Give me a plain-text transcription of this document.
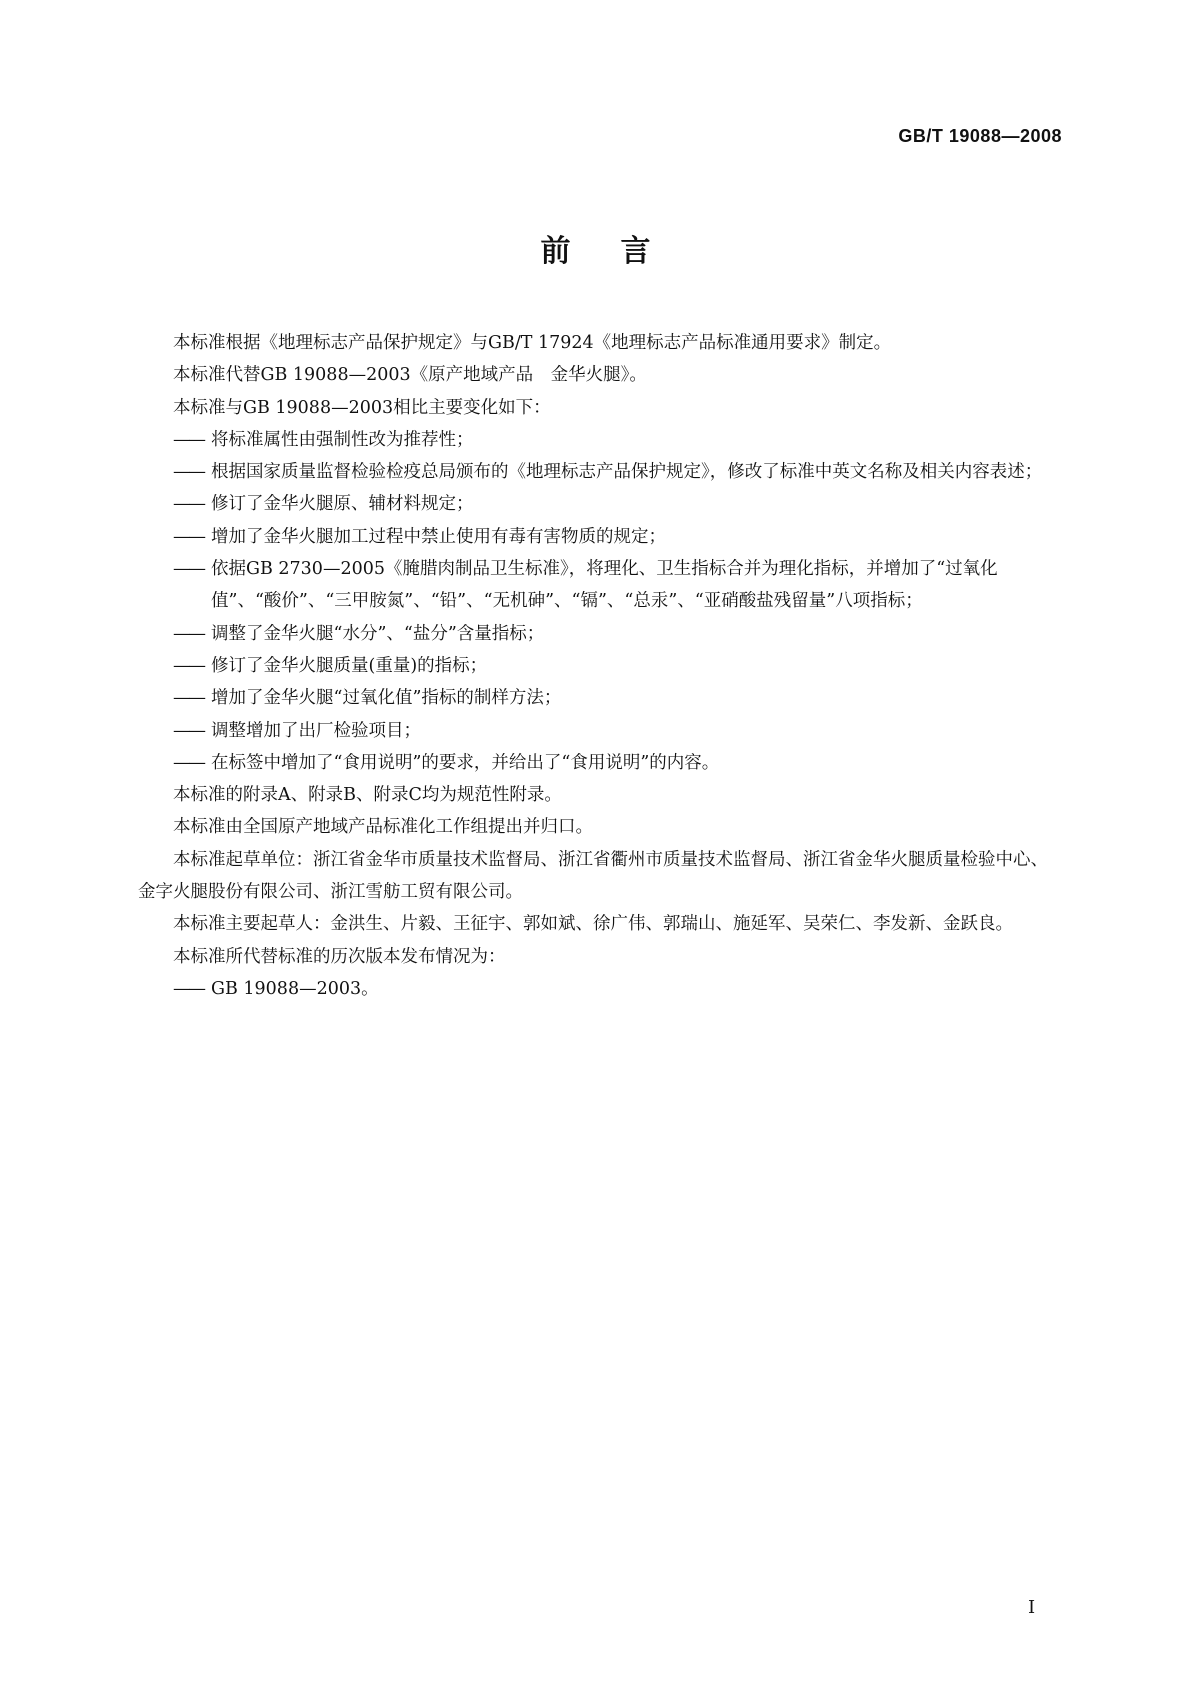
GB/T 19088—2008
前言

本标准根据《地理标志产品保护规定》与GB/T 17924《地理标志产品标准通用要求》制定。

本标准代替GB 19088—2003《原产地域产品　金华火腿》。

本标准与GB 19088—2003相比主要变化如下：

—— 将标准属性由强制性改为推荐性；

—— 根据国家质量监督检验检疫总局颁布的《地理标志产品保护规定》，修改了标准中英文名称及相关内容表述；

—— 修订了金华火腿原、辅材料规定；

—— 增加了金华火腿加工过程中禁止使用有毒有害物质的规定；

—— 依据GB 2730—2005《腌腊肉制品卫生标准》，将理化、卫生指标合并为理化指标，并增加了“过氧化值”、“酸价”、“三甲胺氮”、“铅”、“无机砷”、“镉”、“总汞”、“亚硝酸盐残留量”八项指标；

—— 调整了金华火腿“水分”、“盐分”含量指标；

—— 修订了金华火腿质量(重量)的指标；

—— 增加了金华火腿“过氧化值”指标的制样方法；

—— 调整增加了出厂检验项目；

—— 在标签中增加了“食用说明”的要求，并给出了“食用说明”的内容。

本标准的附录A、附录B、附录C均为规范性附录。

本标准由全国原产地域产品标准化工作组提出并归口。

本标准起草单位：浙江省金华市质量技术监督局、浙江省衢州市质量技术监督局、浙江省金华火腿质量检验中心、金字火腿股份有限公司、浙江雪舫工贸有限公司。

本标准主要起草人：金洪生、片毅、王征宇、郭如斌、徐广伟、郭瑞山、施延军、吴荣仁、李发新、金跃良。

本标准所代替标准的历次版本发布情况为：

—— GB 19088—2003。

I
